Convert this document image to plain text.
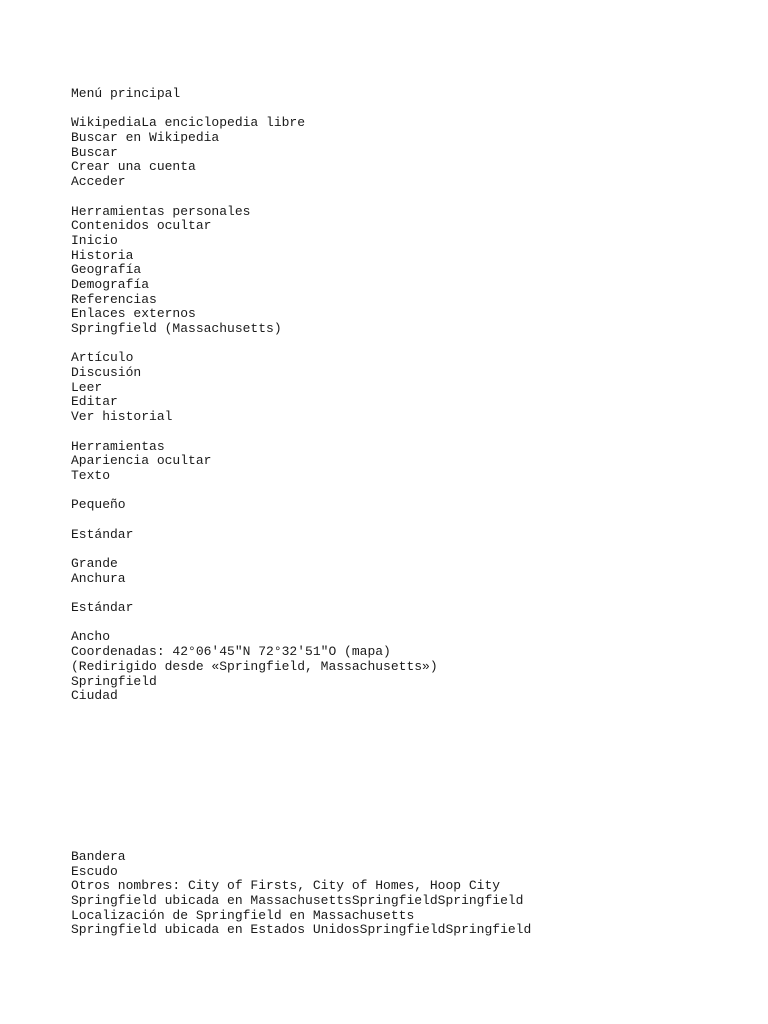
Menú principal
WikipediaLa enciclopedia libre
Buscar en Wikipedia
Buscar
Crear una cuenta
Acceder
Herramientas personales
Contenidos ocultar
Inicio
Historia
Geografía
Demografía
Referencias
Enlaces externos
Springfield (Massachusetts)
Artículo
Discusión
Leer
Editar
Ver historial
Herramientas
Apariencia ocultar
Texto
Pequeño
Estándar
Grande
Anchura
Estándar
Ancho
Coordenadas: 42°06′45″N 72°32′51″O (mapa)
(Redirigido desde «Springfield, Massachusetts»)
Springfield
Ciudad
Bandera
Escudo
Otros nombres: City of Firsts, City of Homes, Hoop City
Springfield ubicada en MassachusettsSpringfieldSpringfield
Localización de Springfield en Massachusetts
Springfield ubicada en Estados UnidosSpringfieldSpringfield
